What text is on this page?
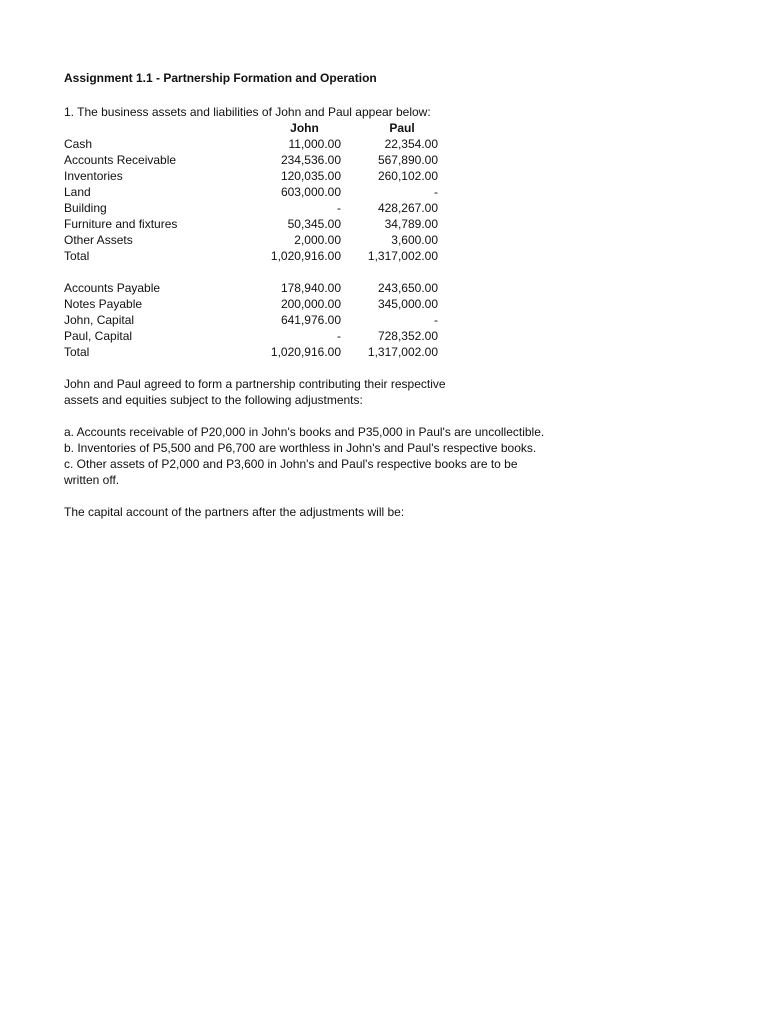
Assignment 1.1 - Partnership Formation and Operation

1. The business assets and liabilities of John and Paul appear below:
	John		Paul
Cash	11,000.00		22,354.00
Accounts Receivable	234,536.00		567,890.00
Inventories	120,035.00		260,102.00
Land	603,000.00		-
Building	-		428,267.00
Furniture and fixtures	50,345.00		34,789.00
Other Assets	2,000.00		3,600.00
Total	1,020,916.00		1,317,002.00

Accounts Payable	178,940.00		243,650.00
Notes Payable	200,000.00		345,000.00
John, Capital	641,976.00		-
Paul, Capital	-		728,352.00
Total	1,020,916.00		1,317,002.00
John and Paul agreed to form a partnership contributing their respective
assets and equities subject to the following adjustments:
a. Accounts receivable of P20,000 in John's books and P35,000 in Paul's are uncollectible.
b. Inventories of P5,500 and P6,700 are worthless in John's and Paul's respective books.
c. Other assets of P2,000 and P3,600 in John's and Paul's respective books are to be
written off.
The capital account of the partners after the adjustments will be:
